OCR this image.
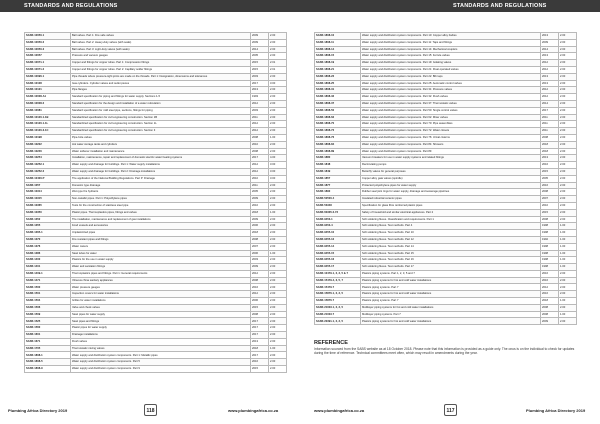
STANDARDS AND REGULATIONS
SANS 10050-1	Ball valves. Part 1: Fire safe valves	2009	2.00
SANS 10050-2	Ball valves. Part 2: Heavy-duty valves (with seals)	2009	2.00
SANS 10050-3	Ball valves. Part 3: Light-duty valves (with seals)	2014	2.00
SANS 10057	Pressure and vacuum gauges	2005	2.00
SANS 10071-1	Copper and fittings for copper tubes. Part 1: Compression fittings	2015	2.01
SANS 10071-2	Copper and fittings for copper tubes. Part 2: Capillary solder fittings	2015	2.01
SANS 10096-1	Pipe threads where pressure-tight joints are made on the threads. Part 1: Designation, dimensions and tolerances	2003	2.00
SANS 10108	Gas cylinders. Cylinder valves and outlet pieces	2017	3.00
SANS 10121	Pipe flanges	2013	2.00
SANS 10008-A1	Standard specification for piping and fittings for water supply. Sections 1-5	1993	2.00
SANS 10008-2	Standard specification for the design and installation of a water reticulation	2012	2.00
SANS 10081	Standard specification for mild steel pipe, sections, fittings for piping	2003	2.00
SANS 10120-1-1B	Standardized specification for civil engineering construction. Section 1B	2011	2.00
SANS 10120-1-1L	Standardized specification for civil engineering construction. Section 1L	2012	2.00
SANS 10120-3-1C	Standardized specification for civil engineering construction. Section 3	2012	2.00
SANS 10198	Pipe-hole valves	2008	1.00
SANS 10222	Hot water storage tanks and cylinders	2010	2.00
SANS 10246	Water softener installation and maintenance	2008	2.00
SANS 10254	Installation, maintenance, repair and replacement of domestic electric water heating systems	2017	4.00
SANS 10252-1	Water supply and drainage for buildings. Part 1: Water supply installations	2012	3.00
SANS 10252-2	Water supply and drainage for buildings. Part 2: Drainage installations	2012	3.00
SANS 10400-P	The application of the National Building Regulations. Part P: Drainage	2010	3.00
SANS 1057	Domestic type drainage	2011	2.00
SANS 10314	Wet-type fire hydrants	2005	2.00
SANS 10315	Non-metallic pipes. Part 1: Polyethylene pipes	2009	2.00
SANS 10365	Tests for the construction of stainless steel pipe	2010	2.00
SANS 10350	Plastic pipes. Thermoplastics pipes, fittings and valves	2018	1.00
SANS 1352	The installation, maintenance and replacement of gas installations	2009	2.00
SANS 1355	Food vessels and accessories	2006	2.00
SANS 1365-1	Unplasticized pipes	2018	2.00
SANS 1370	Fire resistant pipes and fittings	2008	2.00
SANS 1376	Water meters	2007	2.00
SANS 1386	Steel tubes for water	2006	1.00
SANS 1400	Plastics for the use in water supply	2003	2.00
SANS 1401	Water and sanitation fittings	2009	2.00
SANS 1409-1	Thermoplastics pipes and fittings. Part 1: General requirements	2012	2.00
SANS 1471	Vitreous china sanitary appliances	2008	2.00
SANS 1500	Water pressure gauges	2016	2.00
SANS 1501	Inspection covers for water installations	2012	2.00
SANS 1504	Grilles for water installations	2006	2.00
SANS 1506	Valve and check valves	2015	2.00
SANS 1509	Steel pipes for water supply	2008	2.00
SANS 1525	Steel pipes and fittings	2017	2.00
SANS 1560	Plastic pipes for water supply	2017	2.00
SANS 1601	Drainage installations	2017	2.00
SANS 1671	Flush valves	2013	2.00
SANS 1705	Thermostatic mixing valves	2018	1.00
SANS 1808-1	Water supply and distribution system components. Part 1: Metallic pipes	2017	2.00
SANS 1808-5	Water supply and distribution system components. Part 5	2016	2.00
SANS 1808-9	Water supply and distribution system components. Part 9	2015	2.00
Plumbing Africa Directory 2019	118	www.plumbingafrica.co.za
STANDARDS AND REGULATIONS
SANS 1808-10	Water supply and distribution system components. Part 10: Copper alloy bodies	2013	2.00
SANS 1808-11	Water supply and distribution system components. Part 11: Taps and fittings	2009	2.00
SANS 1808-14	Water supply and distribution system components. Part 14: Mechanical couplers	2014	2.00
SANS 1808-15	Water supply and distribution system components. Part 15: Ferrule valves	2013	2.00
SANS 1808-19	Water supply and distribution system components. Part 19: Isolating valves	2012	2.00
SANS 1808-21	Water supply and distribution system components. Part 21: Float operated valves	2012	2.00
SANS 1808-22	Water supply and distribution system components. Part 22: Bib taps	2013	2.00
SANS 1808-25	Water supply and distribution system components. Part 25: Automatic control valves	2013	2.00
SANS 1808-31	Water supply and distribution system components. Part 31: Pressure valves	2012	2.00
SANS 1808-32	Water supply and distribution system components. Part 32: Flush valves	2012	2.00
SANS 1808-37	Water supply and distribution system components. Part 37: Thermostatic valves	2014	2.00
SANS 1808-50	Water supply and distribution system components. Part 50: Single control valves	2017	2.00
SANS 1808-62	Water supply and distribution system components. Part 62: Mixer valves	2011	2.00
SANS 1808-70	Water supply and distribution system components. Part 70: Pipe assemblies	2011	2.00
SANS 1808-72	Water supply and distribution system components. Part 72: Water closets	2011	2.00
SANS 1808-76	Water supply and distribution system components. Part 76: Urinal cisterns	2008	2.00
SANS 1808-84	Water supply and distribution system components. Part 84: Showers	2018	2.00
SANS 1808-89	Water supply and distribution system components. Part 89	2018	2.00
SANS 1880	Vacuum breakers for use in water supply systems and related fittings	2013	2.00
SANS 1848	Recirculating pumps	2016	2.00
SANS 1849	Butterfly valves for general purposes	2015	2.00
SANS 1857	Copper alloy gate valves (spindle)	2005	2.00
SANS 1877	Protected polyethylene pipes for water supply	2016	2.00
SANS 1890	Rubber seal joint rings for water supply, drainage and sewerage pipelines	2008	2.00
SANS 52500-4	Insulated industrial ceramic pipes	2007	2.00
SANS 53348	Specification for glass fibre reinforced plastic pipes	2010	2.00
SANS 60335-2-73	Safety of household and similar electrical appliances. Part 2	2015	2.00
SANS 9453-1	Soft soldering fluxes. Classification and requirements. Part 1	2008	2.00
SANS 9453-4	Soft soldering fluxes. Test methods. Part 4	1998	1.00
SANS 9455-10	Soft soldering fluxes. Test methods. Part 10	1998	1.00
SANS 9455-12	Soft soldering fluxes. Test methods. Part 12	1992	1.00
SANS 9455-14	Soft soldering fluxes. Test methods. Part 14	1998	1.00
SANS 9455-15	Soft soldering fluxes. Test methods. Part 15	1998	1.00
SANS 9455-16	Soft soldering fluxes. Test methods. Part 16	1998	1.00
SANS 9455-17	Soft soldering fluxes. Test methods. Part 17	1998	1.00
SANS 10479-1, 2, 3, 5 & 7	Plastics piping systems. Part 1, 2, 3, 5 and 7	2016	2.00
SANS 15479-4, 3, 5, 7	Plastics piping systems for hot and cold water installations	2016	2.00
SANS 15479-7	Plastics piping systems. Part 7	2012	2.00
SANS 15876-1, 2, 3, 5	Plastics piping systems for hot and cold water installations	2016	2.00
SANS 15876-7	Plastics piping systems. Part 7	2018	1.00
SANS 21003-1, 2, 3, 5	Multilayer piping systems for hot and cold water installations	2008	2.00
SANS 21003-7	Multilayer piping systems. Part 7	2008	1.00
SANS 22391-1, 2, 3, 5	Plastics piping systems for hot and cold water installations	2009	2.00
REFERENCE

Information sourced from the SABS website as at 18 October 2018. Please note that this information is provided as a guide only. The onus is on the individual to check for updates during the time of reference. Technical committees meet often, which may result in amendments during the year.

www.plumbingafrica.co.za	117	Plumbing Africa Directory 2019
